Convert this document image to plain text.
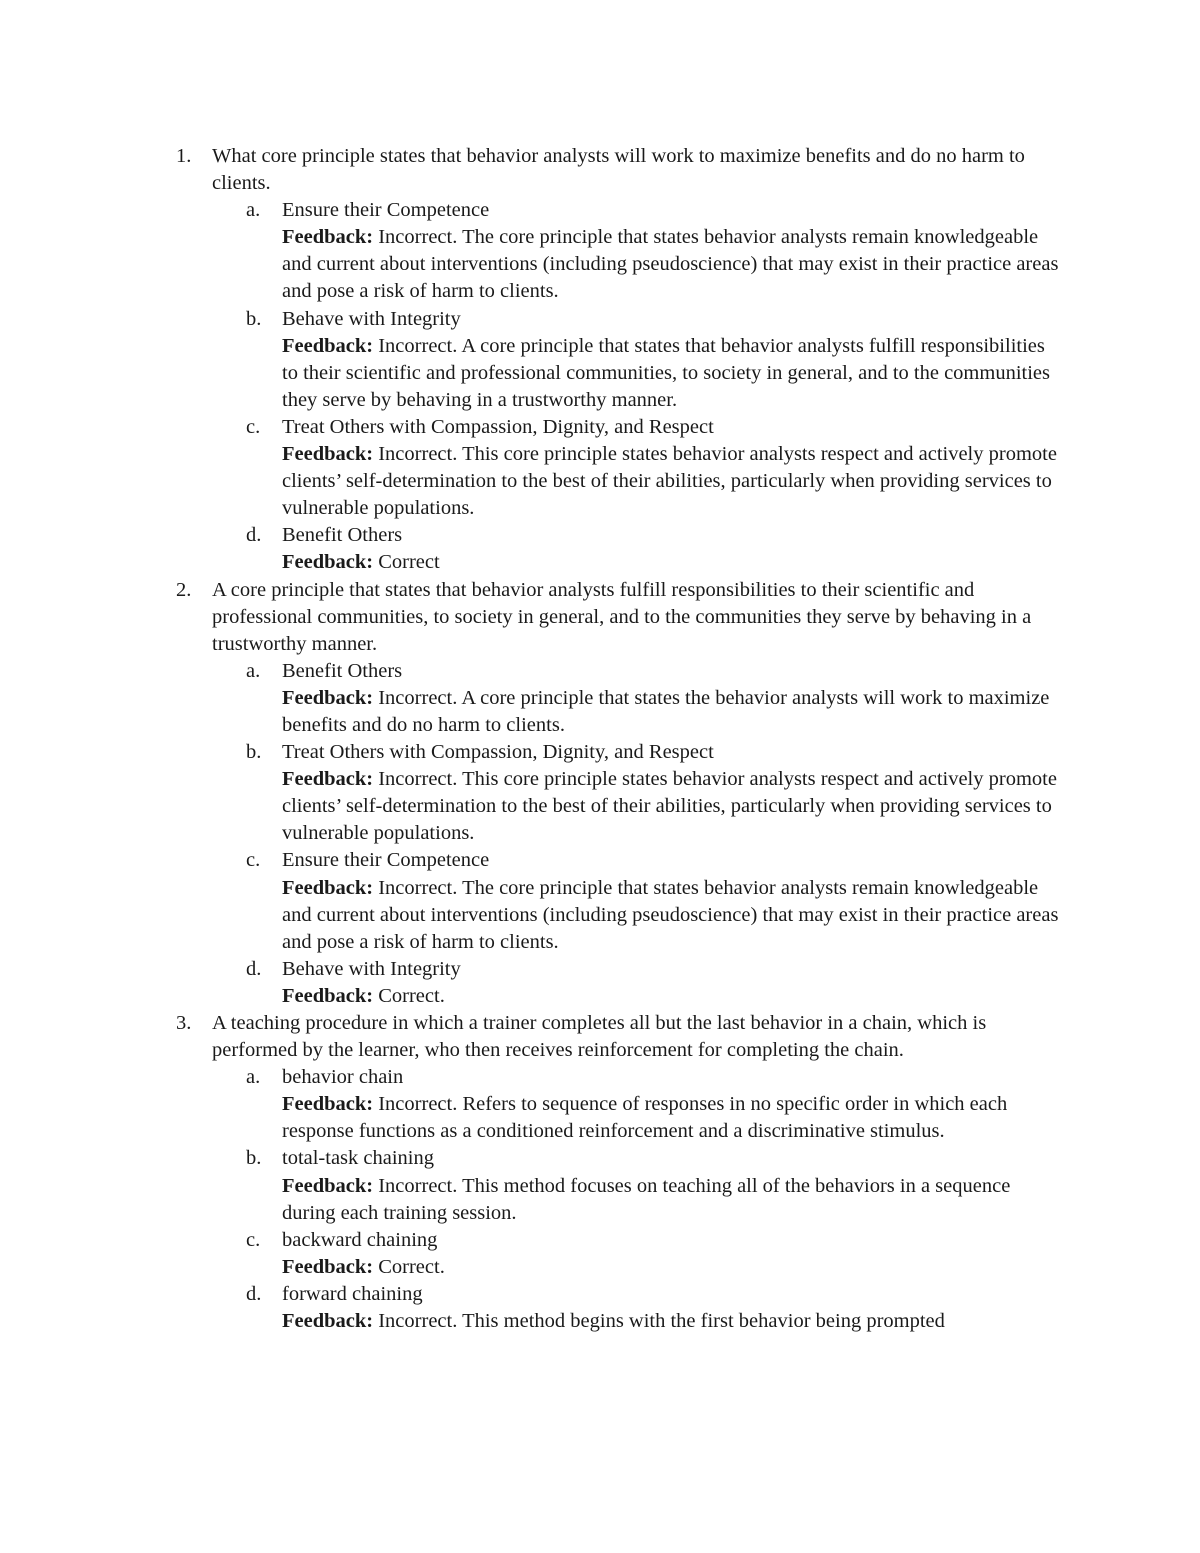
1. What core principle states that behavior analysts will work to maximize benefits and do no harm to clients.
a. Ensure their Competence
Feedback: Incorrect. The core principle that states behavior analysts remain knowledgeable and current about interventions (including pseudoscience) that may exist in their practice areas and pose a risk of harm to clients.
b. Behave with Integrity
Feedback: Incorrect. A core principle that states that behavior analysts fulfill responsibilities to their scientific and professional communities, to society in general, and to the communities they serve by behaving in a trustworthy manner.
c. Treat Others with Compassion, Dignity, and Respect
Feedback: Incorrect. This core principle states behavior analysts respect and actively promote clients’ self-determination to the best of their abilities, particularly when providing services to vulnerable populations.
d. Benefit Others
Feedback: Correct
2. A core principle that states that behavior analysts fulfill responsibilities to their scientific and professional communities, to society in general, and to the communities they serve by behaving in a trustworthy manner.
a. Benefit Others
Feedback: Incorrect. A core principle that states the behavior analysts will work to maximize benefits and do no harm to clients.
b. Treat Others with Compassion, Dignity, and Respect
Feedback: Incorrect. This core principle states behavior analysts respect and actively promote clients’ self-determination to the best of their abilities, particularly when providing services to vulnerable populations.
c. Ensure their Competence
Feedback: Incorrect. The core principle that states behavior analysts remain knowledgeable and current about interventions (including pseudoscience) that may exist in their practice areas and pose a risk of harm to clients.
d. Behave with Integrity
Feedback: Correct.
3. A teaching procedure in which a trainer completes all but the last behavior in a chain, which is performed by the learner, who then receives reinforcement for completing the chain.
a. behavior chain
Feedback: Incorrect. Refers to sequence of responses in no specific order in which each response functions as a conditioned reinforcement and a discriminative stimulus.
b. total-task chaining
Feedback: Incorrect. This method focuses on teaching all of the behaviors in a sequence during each training session.
c. backward chaining
Feedback: Correct.
d. forward chaining
Feedback: Incorrect. This method begins with the first behavior being prompted
